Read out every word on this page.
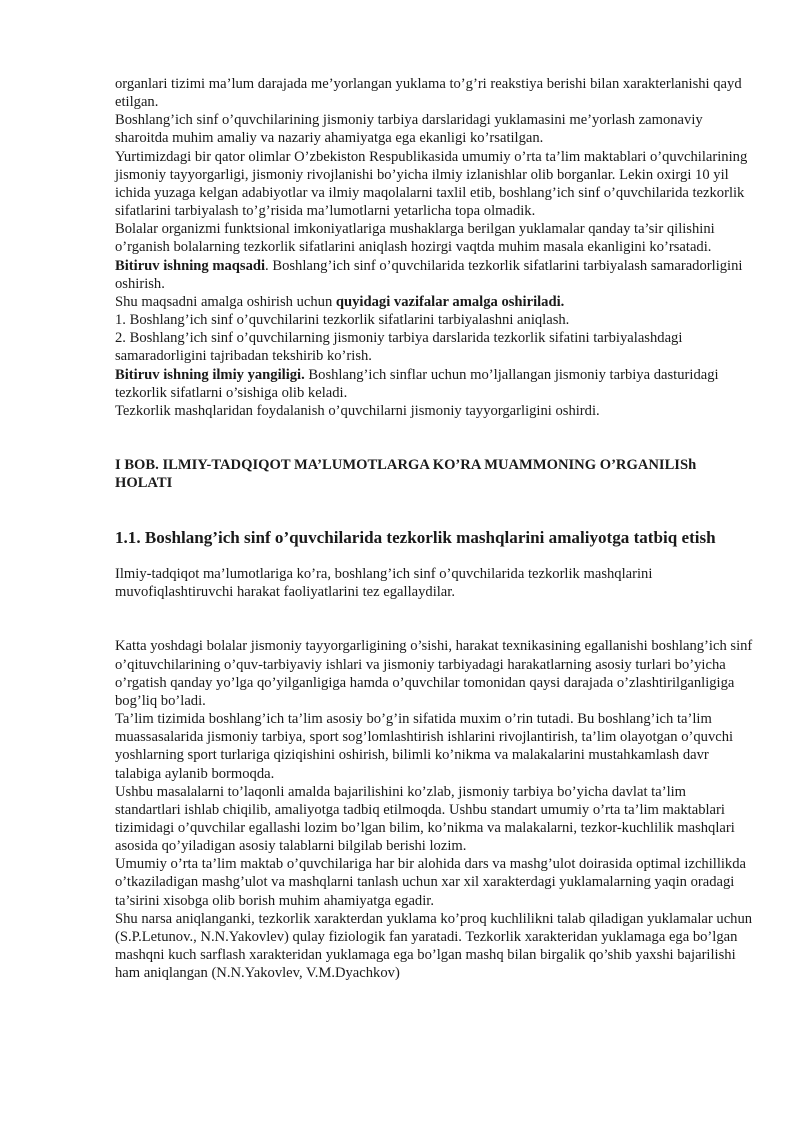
organlari tizimi ma’lum darajada me’yorlangan yuklama to’g’ri reakstiya berishi bilan xarakterlanishi qayd etilgan.

Boshlang’ich sinf o’quvchilarining jismoniy tarbiya darslaridagi yuklamasini me’yorlash zamonaviy sharoitda muhim amaliy va nazariy ahamiyatga ega ekanligi ko’rsatilgan.

Yurtimizdagi bir qator olimlar O’zbekiston Respublikasida umumiy o’rta ta’lim maktablari o’quvchilarining jismoniy tayyorgarligi, jismoniy rivojlanishi bo’yicha ilmiy izlanishlar olib borganlar. Lekin oxirgi 10 yil ichida yuzaga kelgan adabiyotlar va ilmiy maqolalarni taxlil etib, boshlang’ich sinf o’quvchilarida tezkorlik sifatlarini tarbiyalash to’g’risida ma’lumotlarni yetarlicha topa olmadik.

Bolalar organizmi funktsional imkoniyatlariga mushaklarga berilgan yuklamalar qanday ta’sir qilishini o’rganish bolalarning tezkorlik sifatlarini aniqlash hozirgi vaqtda muhim masala ekanligini ko’rsatadi.

Bitiruv ishning maqsadi. Boshlang’ich sinf o’quvchilarida tezkorlik sifatlarini tarbiyalash samaradorligini oshirish.

Shu maqsadni amalga oshirish uchun quyidagi vazifalar amalga oshiriladi.

1. Boshlang’ich sinf o’quvchilarini tezkorlik sifatlarini tarbiyalashni aniqlash.

2. Boshlang’ich sinf o’quvchilarning jismoniy tarbiya darslarida tezkorlik sifatini tarbiyalashdagi samaradorligini tajribadan tekshirib ko’rish.

Bitiruv ishning ilmiy yangiligi. Boshlang’ich sinflar uchun mo’ljallangan jismoniy tarbiya dasturidagi tezkorlik sifatlarni o’sishiga olib keladi.

Tezkorlik mashqlaridan foydalanish o’quvchilarni jismoniy tayyorgarligini oshirdi.

I BOB. ILMIY-TADQIQOT MA’LUMOTLARGA KO’RA MUAMMONING O’RGANILISh HOLATI
1.1. Boshlang’ich sinf o’quvchilarida tezkorlik mashqlarini amaliyotga tatbiq etish

Ilmiy-tadqiqot ma’lumotlariga ko’ra, boshlang’ich sinf o’quvchilarida tezkorlik mashqlarini muvofiqlashtiruvchi harakat faoliyatlarini tez egallaydilar.

Katta yoshdagi bolalar jismoniy tayyorgarligining o’sishi, harakat texnikasining egallanishi boshlang’ich sinf o’qituvchilarining o’quv-tarbiyaviy ishlari va jismoniy tarbiyadagi harakatlarning asosiy turlari bo’yicha o’rgatish qanday yo’lga qo’yilganligiga hamda o’quvchilar tomonidan qaysi darajada o’zlashtirilganligiga bog’liq bo’ladi.

Ta’lim tizimida boshlang’ich ta’lim asosiy bo’g’in sifatida muxim o’rin tutadi. Bu boshlang’ich ta’lim muassasalarida jismoniy tarbiya, sport sog’lomlashtirish ishlarini rivojlantirish, ta’lim olayotgan o’quvchi yoshlarning sport turlariga qiziqishini oshirish, bilimli ko’nikma va malakalarini mustahkamlash davr talabiga aylanib bormoqda.

Ushbu masalalarni to’laqonli amalda bajarilishini ko’zlab, jismoniy tarbiya bo’yicha davlat ta’lim standartlari ishlab chiqilib, amaliyotga tadbiq etilmoqda. Ushbu standart umumiy o’rta ta’lim maktablari tizimidagi o’quvchilar egallashi lozim bo’lgan bilim, ko’nikma va malakalarni, tezkor-kuchlilik mashqlari asosida qo’yiladigan asosiy talablarni bilgilab berishi lozim.

Umumiy o’rta ta’lim maktab o’quvchilariga har bir alohida dars va mashg’ulot doirasida optimal izchillikda o’tkaziladigan mashg’ulot va mashqlarni tanlash uchun xar xil xarakterdagi yuklamalarning yaqin oradagi ta’sirini xisobga olib borish muhim ahamiyatga egadir.

Shu narsa aniqlanganki, tezkorlik xarakterdan yuklama ko’proq kuchlilikni talab qiladigan yuklamalar uchun (S.P.Letunov., N.N.Yakovlev) qulay fiziologik fan yaratadi. Tezkorlik xarakteridan yuklamaga ega bo’lgan mashqni kuch sarflash xarakteridan yuklamaga ega bo’lgan mashq bilan birgalik qo’shib yaxshi bajarilishi ham aniqlangan (N.N.Yakovlev, V.M.Dyachkov)
